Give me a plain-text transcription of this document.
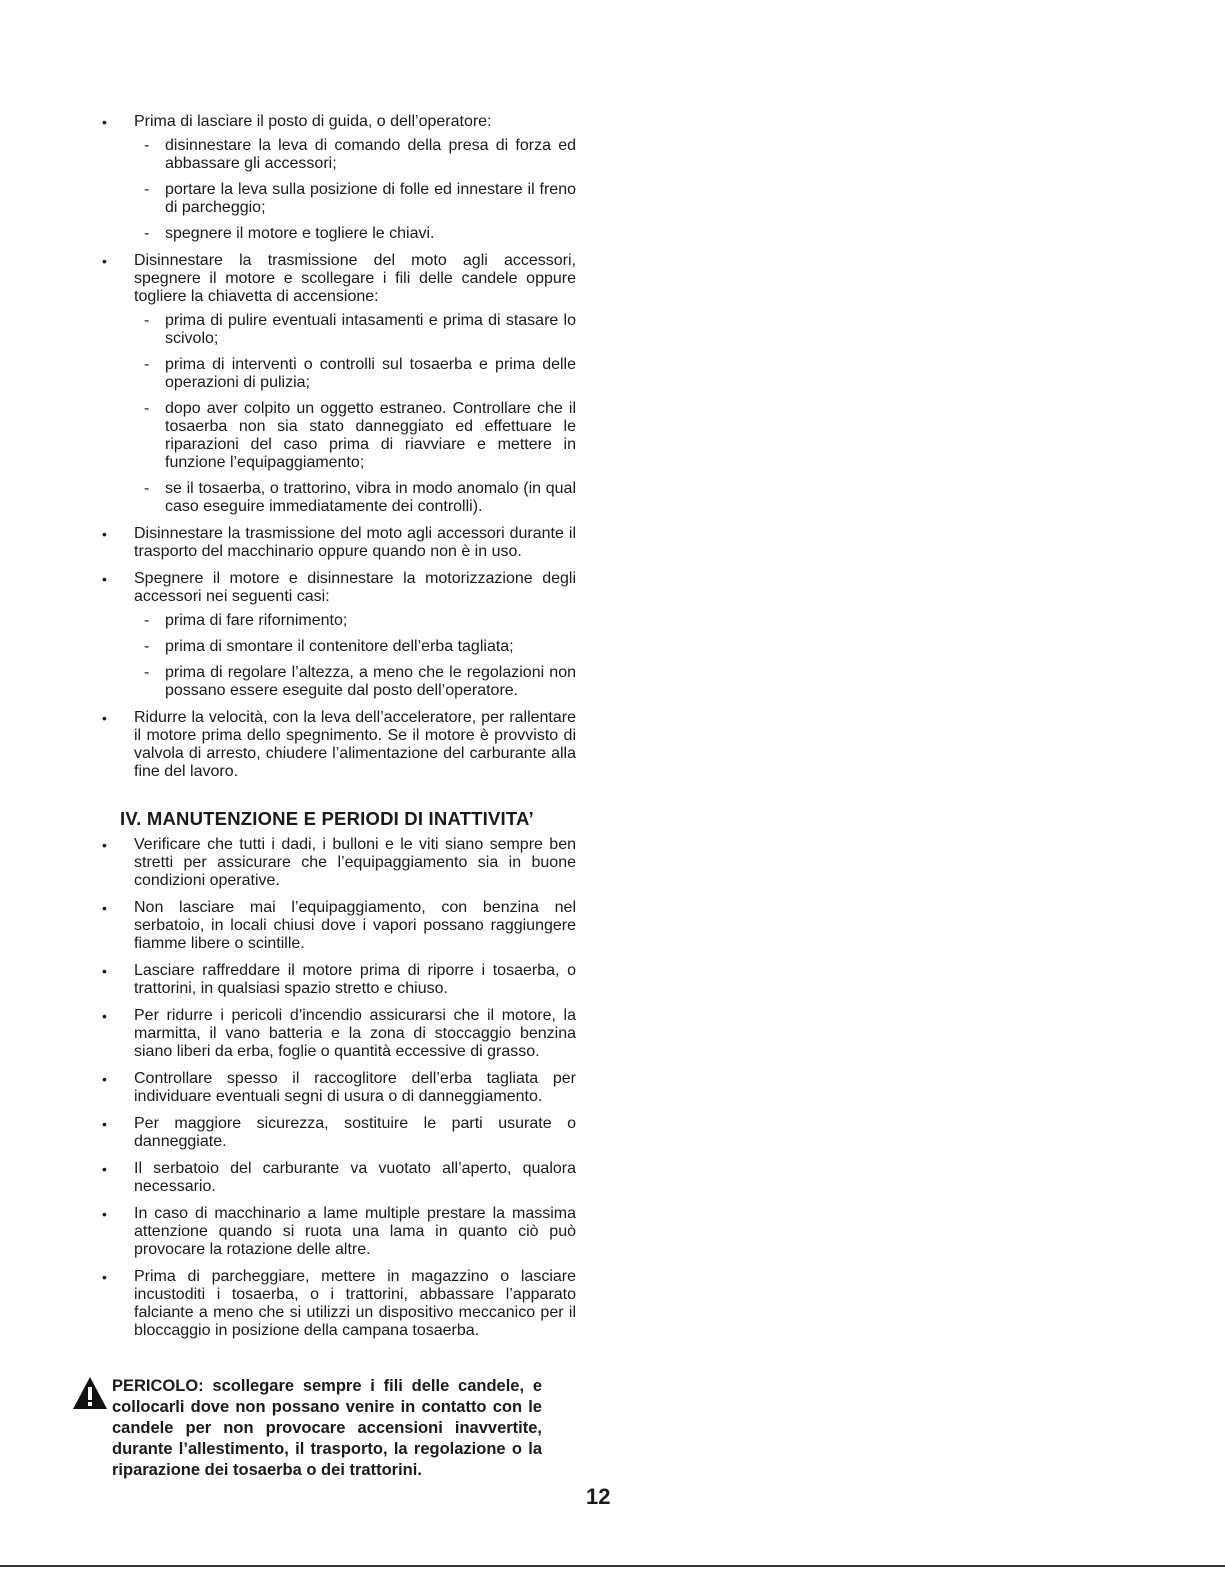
• Prima di lasciare il posto di guida, o dell’operatore:
- disinnestare la leva di comando della presa di forza ed abbassare gli accessori;
- portare la leva sulla posizione di folle ed innestare il freno di parcheggio;
- spegnere il motore e togliere le chiavi.
• Disinnestare la trasmissione del moto agli accessori, spegnere il motore e scollegare i fili delle candele oppure togliere la chiavetta di accensione:
- prima di pulire eventuali intasamenti e prima di stasare lo scivolo;
- prima di interventi o controlli sul tosaerba e prima delle operazioni di pulizia;
- dopo aver colpito un oggetto estraneo. Controllare che il tosaerba non sia stato danneggiato ed effettuare le riparazioni del caso prima di riavviare e mettere in funzione l’equipaggiamento;
- se il tosaerba, o trattorino, vibra in modo anomalo (in qual caso eseguire immediatamente dei controlli).
• Disinnestare la trasmissione del moto agli accessori durante il trasporto del macchinario oppure quando non è in uso.
• Spegnere il motore e disinnestare la motorizzazione degli accessori nei seguenti casi:
- prima di fare rifornimento;
- prima di smontare il contenitore dell’erba tagliata;
- prima di regolare l’altezza, a meno che le regolazioni non possano essere eseguite dal posto dell’operatore.
• Ridurre la velocità, con la leva dell’acceleratore, per rallentare il motore prima dello spegnimento. Se il motore è provvisto di valvola di arresto, chiudere l’alimentazione del carburante alla fine del lavoro.
IV. MANUTENZIONE E PERIODI DI INATTIVITA’
• Verificare che tutti i dadi, i bulloni e le viti siano sempre ben stretti per assicurare che l’equipaggiamento sia in buone condizioni operative.
• Non lasciare mai l’equipaggiamento, con benzina nel serbatoio, in locali chiusi dove i vapori possano raggiungere fiamme libere o scintille.
• Lasciare raffreddare il motore prima di riporre i tosaerba, o trattorini, in qualsiasi spazio stretto e chiuso.
• Per ridurre i pericoli d’incendio assicurarsi che il motore, la marmitta, il vano batteria e la zona di stoccaggio benzina siano liberi da erba, foglie o quantità eccessive di grasso.
• Controllare spesso il raccoglitore dell’erba tagliata per individuare eventuali segni di usura o di danneggiamento.
• Per maggiore sicurezza, sostituire le parti usurate o danneggiate.
• Il serbatoio del carburante va vuotato all’aperto, qualora necessario.
• In caso di macchinario a lame multiple prestare la massima attenzione quando si ruota una lama in quanto ciò può provocare la rotazione delle altre.
• Prima di parcheggiare, mettere in magazzino o lasciare incustoditi i tosaerba, o i trattorini, abbassare l’apparato falciante a meno che si utilizzi un dispositivo meccanico per il bloccaggio in posizione della campana tosaerba.

PERICOLO: scollegare sempre i fili delle candele, e collocarli dove non possano venire in contatto con le candele per non provocare accensioni inavvertite, durante l’allestimento, il trasporto, la regolazione o la riparazione dei tosaerba o dei trattorini.

12
